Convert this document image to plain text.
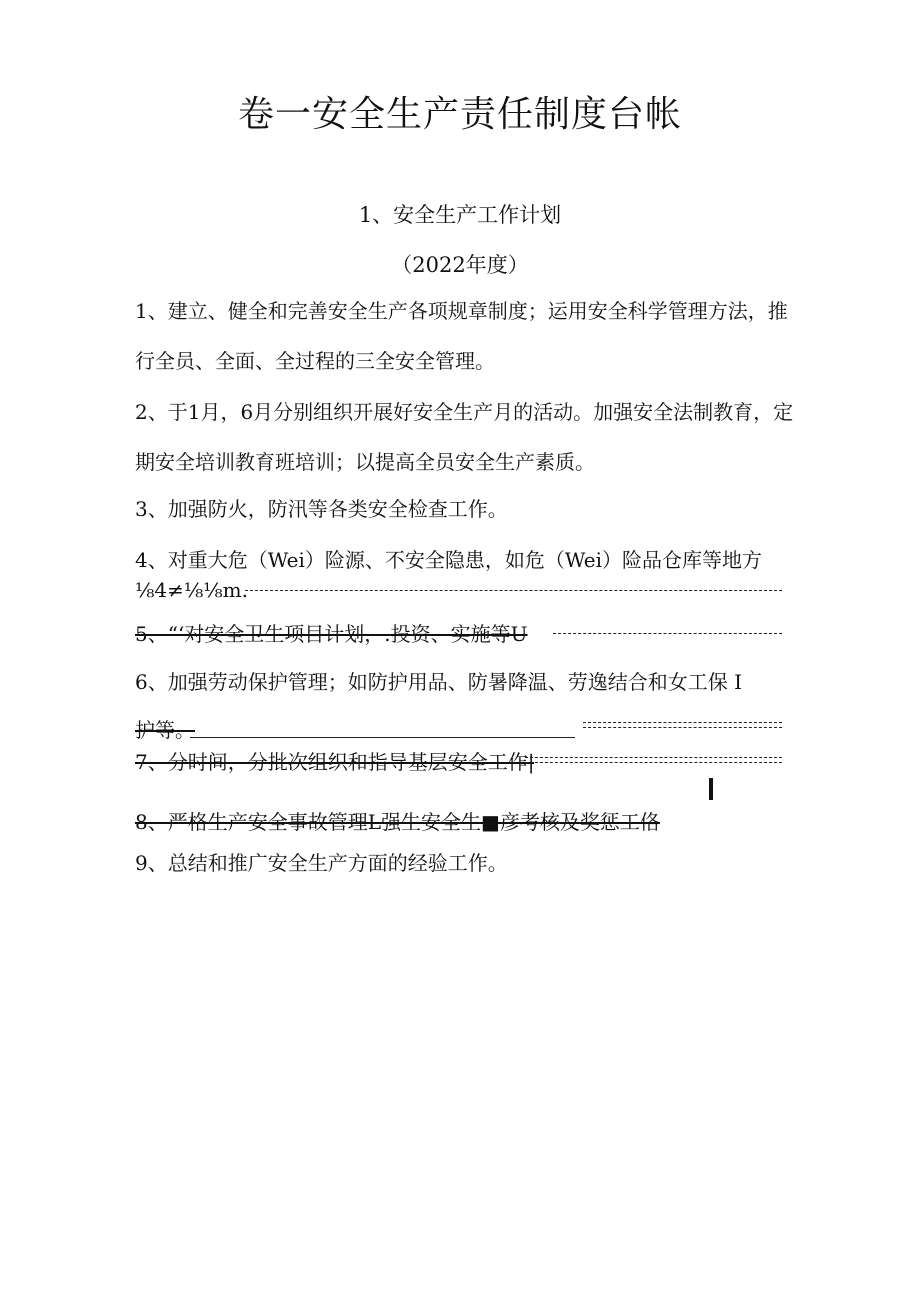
卷一安全生产责任制度台帐

1、安全生产工作计划

（2022年度）

1、建立、健全和完善安全生产各项规章制度；运用安全科学管理方法，推行全员、全面、全过程的三全安全管理。

2、于1月，6月分别组织开展好安全生产月的活动。加强安全法制教育，定期安全培训教育班培训；以提高全员安全生产素质。

3、加强防火，防汛等各类安全检查工作。

4、对重大危（Wei）险源、不安全隐患，如危（Wei）险品仓库等地方

⅛4≠⅛⅛m.

5、“‘对安全卫生项目计划，.投资、实施等U

6、加强劳动保护管理；如防护用品、防暑降温、劳逸结合和女工保 I

护等。

7、分时间，分批次组织和指导基层安全工作|

8、严格生产安全事故管理L强生安全生■彦考核及奖惩工佫

9、总结和推广安全生产方面的经验工作。
